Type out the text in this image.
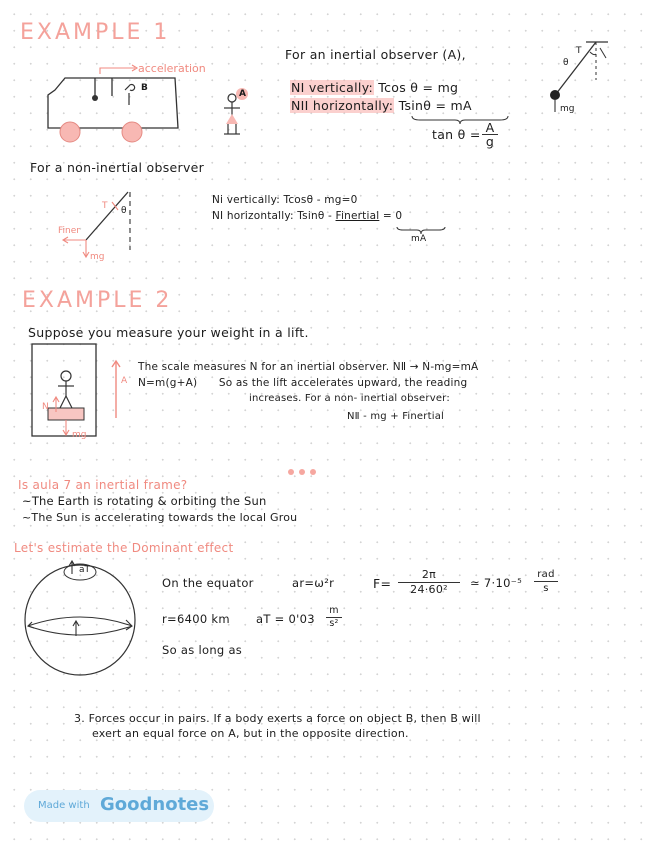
EXAMPLE 1
acceleration
B
A
For an inertial observer (A),
NI vertically: Tcos θ = mg
NII horizontally: Tsinθ = mA
$\tan \theta = \frac{A}{g}$
θ
T
mg
For a non-inertial observer
T θ
Finer
mg
Ni vertically: Tcosθ - mg=0
NI horizontally: Tsinθ - Finertial = 0
mA
EXAMPLE 2
Suppose you measure your weight in a lift.
A
N
mg
The scale measures N for an inertial observer. NⅡ → N-mg=mA
N=m(g+A) So as the lift accelerates upward, the reading
increases. For a non- inertial observer:
NⅡ - mg + Finertial
Is aula 7 an inertial frame?
~The Earth is rotating & orbiting the Sun
~The Sun is accelerating towards the local Grou
Let's estimate the Dominant effect
aT
On the equator	ar=ω²r	$F= \frac{2\pi}{\text{24·60²}}$ ≃ 7·10⁻⁵
rad
s
r=6400 km aT = $0'03 \frac{m}{\text{s²}}$
So as long as
3. Forces occur in pairs. If a body exerts a force on object B, then B will
exert an equal force on A, but in the opposite direction.
Made with Goodnotes
